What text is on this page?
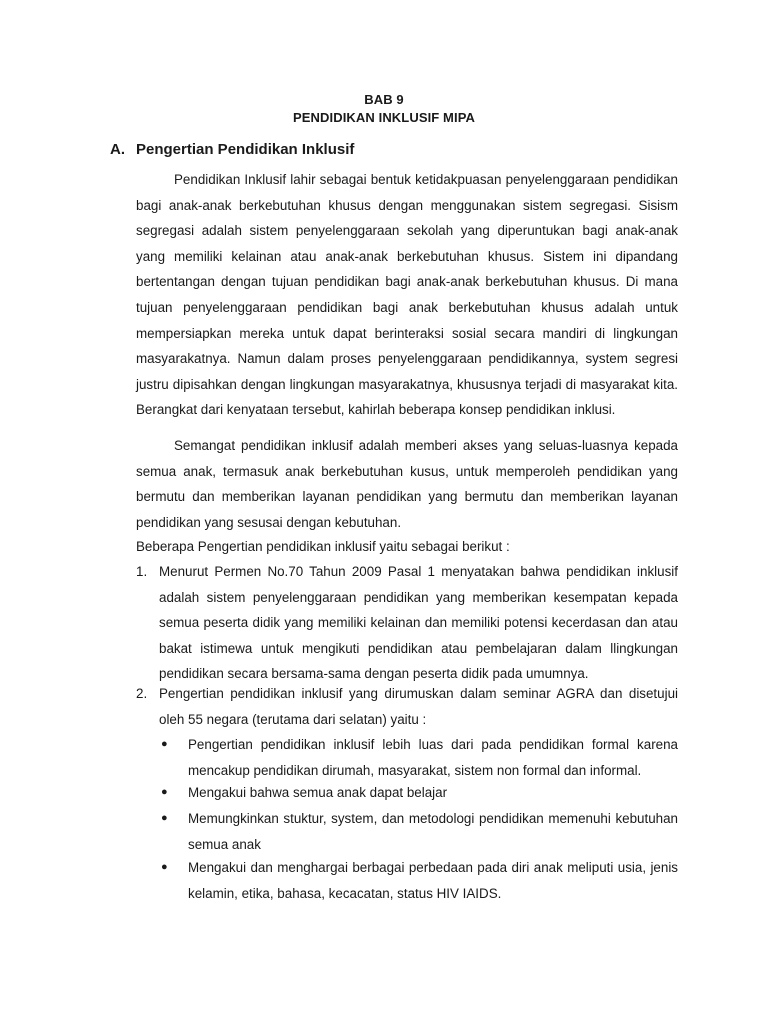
BAB 9
PENDIDIKAN INKLUSIF MIPA
A. Pengertian Pendidikan Inklusif

Pendidikan Inklusif lahir sebagai bentuk ketidakpuasan penyelenggaraan pendidikan bagi anak-anak berkebutuhan khusus dengan menggunakan sistem segregasi. Sisism segregasi adalah sistem penyelenggaraan sekolah yang diperuntukan bagi anak-anak yang memiliki kelainan atau anak-anak berkebutuhan khusus. Sistem ini dipandang bertentangan dengan tujuan pendidikan bagi anak-anak berkebutuhan khusus. Di mana tujuan penyelenggaraan pendidikan bagi anak berkebutuhan khusus adalah untuk mempersiapkan mereka untuk dapat berinteraksi sosial secara mandiri di lingkungan masyarakatnya. Namun dalam proses penyelenggaraan pendidikannya, system segresi justru dipisahkan dengan lingkungan masyarakatnya, khususnya terjadi di masyarakat kita. Berangkat dari kenyataan tersebut, kahirlah beberapa konsep pendidikan inklusi.

Semangat pendidikan inklusif adalah memberi akses yang seluas-luasnya kepada semua anak, termasuk anak berkebutuhan kusus, untuk memperoleh pendidikan yang bermutu dan memberikan layanan pendidikan yang bermutu dan memberikan layanan pendidikan yang sesusai dengan kebutuhan.

Beberapa Pengertian pendidikan inklusif yaitu sebagai berikut :

1. Menurut Permen No.70 Tahun 2009 Pasal 1 menyatakan bahwa pendidikan inklusif adalah sistem penyelenggaraan pendidikan yang memberikan kesempatan kepada semua peserta didik yang memiliki kelainan dan memiliki potensi kecerdasan dan atau bakat istimewa untuk mengikuti pendidikan atau pembelajaran dalam llingkungan pendidikan secara bersama-sama dengan peserta didik pada umumnya.
2. Pengertian pendidikan inklusif yang dirumuskan dalam seminar AGRA dan disetujui oleh 55 negara (terutama dari selatan) yaitu :
● Pengertian pendidikan inklusif lebih luas dari pada pendidikan formal karena mencakup pendidikan dirumah, masyarakat, sistem non formal dan informal.
● Mengakui bahwa semua anak dapat belajar
● Memungkinkan stuktur, system, dan metodologi pendidikan memenuhi kebutuhan semua anak
● Mengakui dan menghargai berbagai perbedaan pada diri anak meliputi usia, jenis kelamin, etika, bahasa, kecacatan, status HIV IAIDS.
